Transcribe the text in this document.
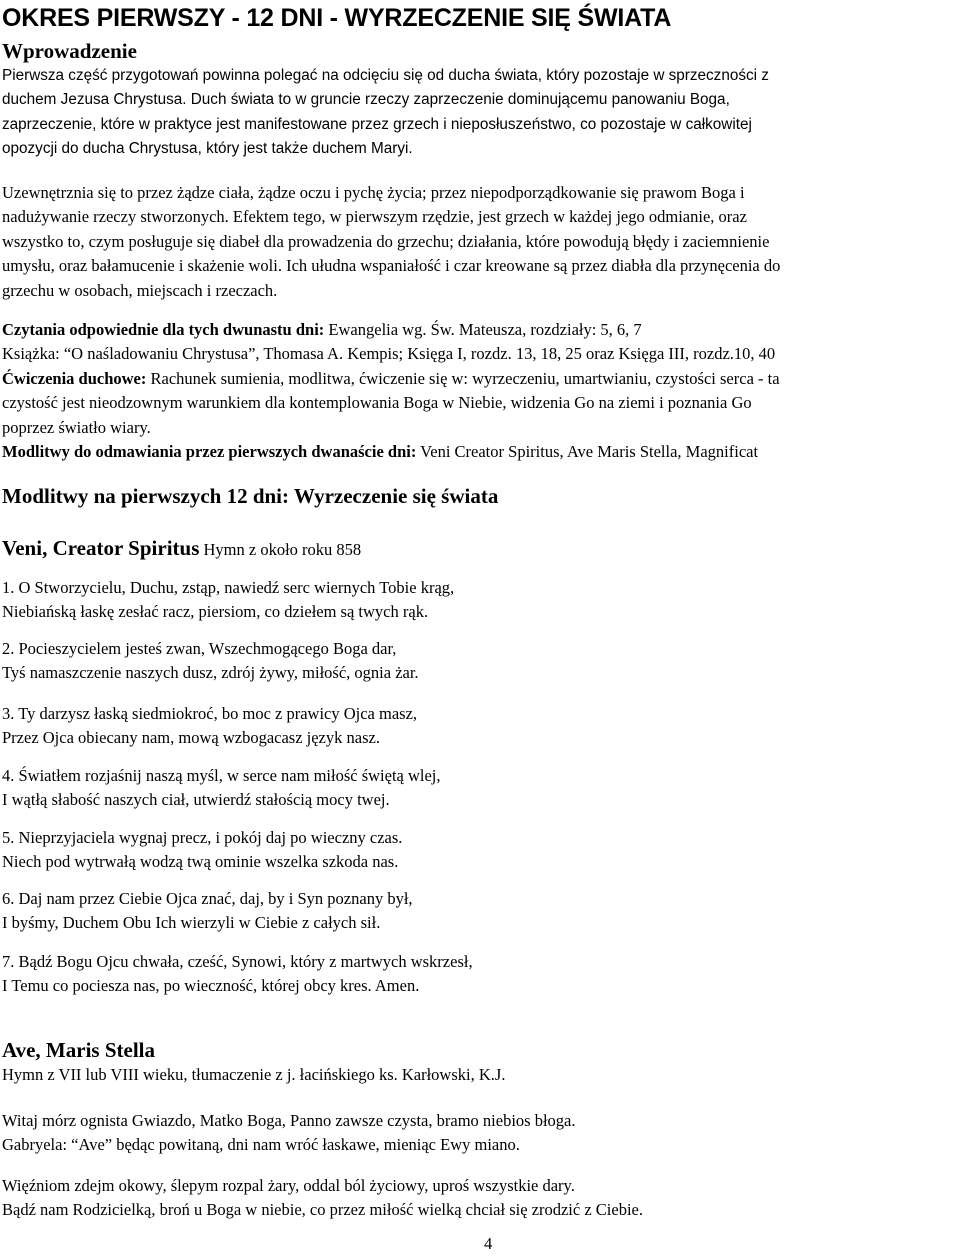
OKRES PIERWSZY - 12 DNI - WYRZECZENIE SIĘ ŚWIATA
Wprowadzenie

Pierwsza część przygotowań powinna polegać na odcięciu się od ducha świata, który pozostaje w sprzeczności z
duchem Jezusa Chrystusa. Duch świata to w gruncie rzeczy zaprzeczenie dominującemu panowaniu Boga,
zaprzeczenie, które w praktyce jest manifestowane przez grzech i nieposłuszeństwo, co pozostaje w całkowitej
opozycji do ducha Chrystusa, który jest także duchem Maryi.

Uzewnętrznia się to przez żądze ciała, żądze oczu i pychę życia; przez niepodporządkowanie się prawom Boga i
nadużywanie rzeczy stworzonych. Efektem tego, w pierwszym rzędzie, jest grzech w każdej jego odmianie, oraz
wszystko to, czym posługuje się diabeł dla prowadzenia do grzechu; działania, które powodują błędy i zaciemnienie
umysłu, oraz bałamucenie i skażenie woli. Ich ułudna wspaniałość i czar kreowane są przez diabła dla przynęcenia do
grzechu w osobach, miejscach i rzeczach.

Czytania odpowiednie dla tych dwunastu dni: Ewangelia wg. Św. Mateusza, rozdziały: 5, 6, 7
Książka: “O naśladowaniu Chrystusa”, Thomasa A. Kempis; Księga I, rozdz. 13, 18, 25 oraz Księga III, rozdz.10, 40
Ćwiczenia duchowe: Rachunek sumienia, modlitwa, ćwiczenie się w: wyrzeczeniu, umartwianiu, czystości serca - ta
czystość jest nieodzownym warunkiem dla kontemplowania Boga w Niebie, widzenia Go na ziemi i poznania Go
poprzez światło wiary.
Modlitwy do odmawiania przez pierwszych dwanaście dni: Veni Creator Spiritus, Ave Maris Stella, Magnificat

Modlitwy na pierwszych 12 dni: Wyrzeczenie się świata
Veni, Creator Spiritus Hymn z około roku 858

1. O Stworzycielu, Duchu, zstąp, nawiedź serc wiernych Tobie krąg,
Niebiańską łaskę zesłać racz, piersiom, co dziełem są twych rąk.

2. Pocieszycielem jesteś zwan, Wszechmogącego Boga dar,
Tyś namaszczenie naszych dusz, zdrój żywy, miłość, ognia żar.

3. Ty darzysz łaską siedmiokroć, bo moc z prawicy Ojca masz,
Przez Ojca obiecany nam, mową wzbogacasz język nasz.

4. Światłem rozjaśnij naszą myśl, w serce nam miłość świętą wlej,
I wątłą słabość naszych ciał, utwierdź stałością mocy twej.

5. Nieprzyjaciela wygnaj precz, i pokój daj po wieczny czas.
Niech pod wytrwałą wodzą twą ominie wszelka szkoda nas.

6. Daj nam przez Ciebie Ojca znać, daj, by i Syn poznany był,
I byśmy, Duchem Obu Ich wierzyli w Ciebie z całych sił.

7. Bądź Bogu Ojcu chwała, cześć, Synowi, który z martwych wskrzesł,
I Temu co pociesza nas, po wieczność, której obcy kres. Amen.

Ave, Maris Stella

Hymn z VII lub VIII wieku, tłumaczenie z j. łacińskiego ks. Karłowski, K.J.

Witaj mórz ognista Gwiazdo, Matko Boga, Panno zawsze czysta, bramo niebios błoga.
Gabryela: “Ave” będąc powitaną, dni nam wróć łaskawe, mieniąc Ewy miano.

Więźniom zdejm okowy, ślepym rozpal żary, oddal ból życiowy, uproś wszystkie dary.
Bądź nam Rodzicielką, broń u Boga w niebie, co przez miłość wielką chciał się zrodzić z Ciebie.

4
